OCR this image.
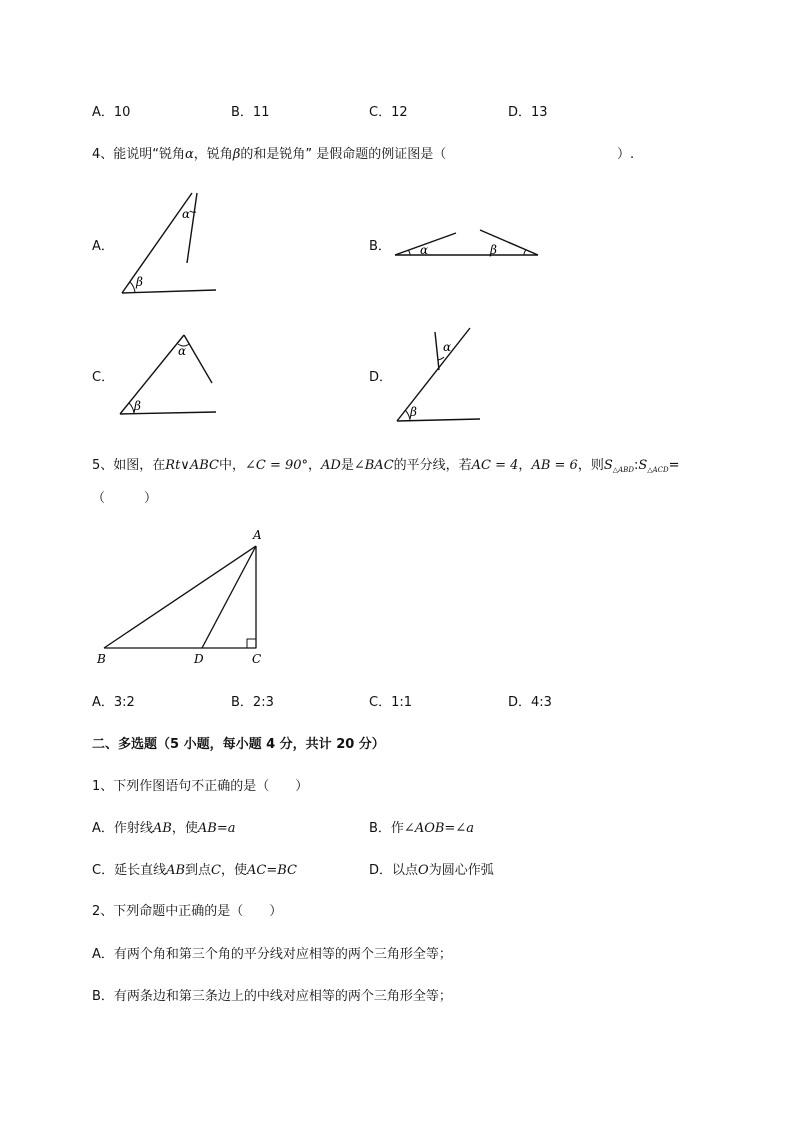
A．10	B．11	C．12	D．13
4、能说明“锐角α，锐角β的和是锐角” 是假命题的例证图是（	）.
A．	B．
C．	D．
α
β
α	β
α
β
α
β
5、如图，在Rt∨ABC中，∠C = 90°，AD是∠BAC的平分线，若AC = 4，AB = 6，则$S_{\triangle ABD}:S_{\triangle ACD}=$
（　　　）
A
B	D	C
A．3:2	B．2:3	C．1:1	D．4:3
二、多选题（5 小题，每小题 4 分，共计 20 分）
1、下列作图语句不正确的是（　　）
A．作射线AB，使AB=a	B．作∠AOB=∠a
C．延长直线AB到点C，使AC=BC	D．以点O为圆心作弧
2、下列命题中正确的是（　　）
A．有两个角和第三个角的平分线对应相等的两个三角形全等；
B．有两条边和第三条边上的中线对应相等的两个三角形全等；
